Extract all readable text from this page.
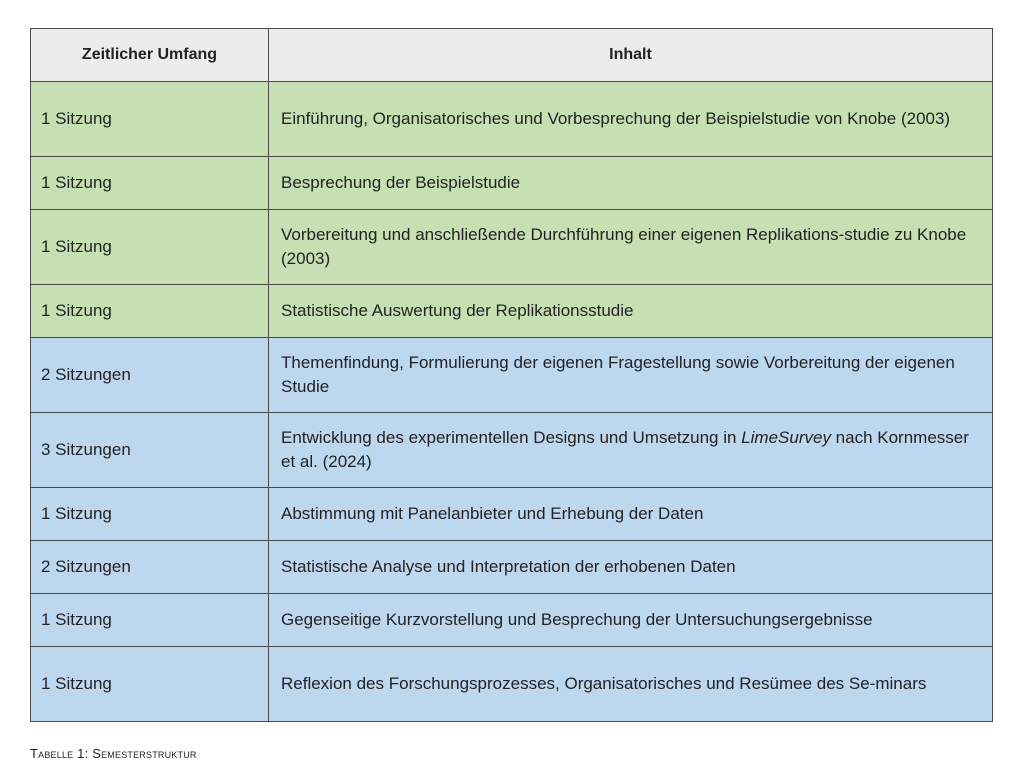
Zeitlicher Umfang	Inhalt
1 Sitzung	Einführung, Organisatorisches und Vorbesprechung der Beispielstudie von Knobe (2003)
1 Sitzung	Besprechung der Beispielstudie
1 Sitzung	Vorbereitung und anschließende Durchführung einer eigenen Replikations-studie zu Knobe (2003)
1 Sitzung	Statistische Auswertung der Replikationsstudie
2 Sitzungen	Themenfindung, Formulierung der eigenen Fragestellung sowie Vorbereitung der eigenen Studie
3 Sitzungen	Entwicklung des experimentellen Designs und Umsetzung in LimeSurvey nach Kornmesser et al. (2024)
1 Sitzung	Abstimmung mit Panelanbieter und Erhebung der Daten
2 Sitzungen	Statistische Analyse und Interpretation der erhobenen Daten
1 Sitzung	Gegenseitige Kurzvorstellung und Besprechung der Untersuchungsergebnisse
1 Sitzung	Reflexion des Forschungsprozesses, Organisatorisches und Resümee des Se-minars
Tabelle 1: Semesterstruktur
